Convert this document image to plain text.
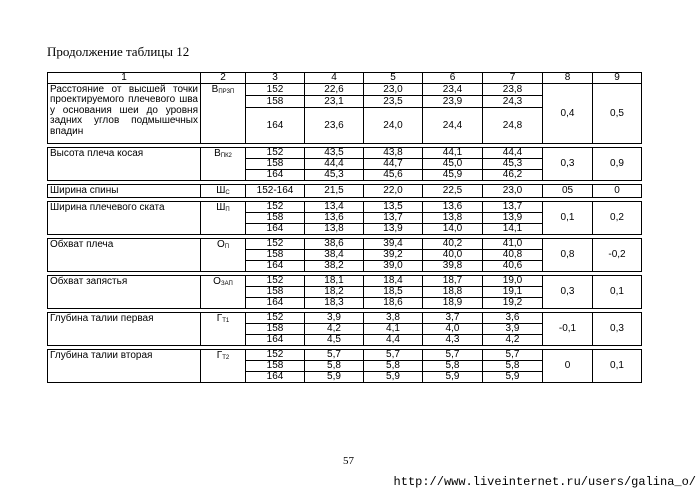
Продолжение таблицы 12
1	2	3	4	5	6	7	8	9
Расстояние от высшей точки проектируемого плечевого шва у основания шеи до уровня задних углов подмышечных впадин	$В_{ПР3П}$	152	22,6	23,0	23,4	23,8	0,4	0,5
		158	23,1	23,5	23,9	24,3		
		164	23,6	24,0	24,4	24,8		

Высота плеча косая	$В_{ПК2}$	152	43,5	43,8	44,1	44,4	0,3	0,9
		158	44,4	44,7	45,0	45,3		
		164	45,3	45,6	45,9	46,2		

Ширина спины	$Ш_С$	152-164	21,5	22,0	22,5	23,0	05	0

Ширина плечевого ската	$Ш_П$	152	13,4	13,5	13,6	13,7	0,1	0,2
		158	13,6	13,7	13,8	13,9		
		164	13,8	13,9	14,0	14,1		

Обхват плеча	$О_П$	152	38,6	39,4	40,2	41,0	0,8	-0,2
		158	38,4	39,2	40,0	40,8		
		164	38,2	39,0	39,8	40,6		

Обхват запястья	$О_{ЗАП}$	152	18,1	18,4	18,7	19,0	0,3	0,1
		158	18,2	18,5	18,8	19,1		
		164	18,3	18,6	18,9	19,2		

Глубина талии первая	$Г_{Т1}$	152	3,9	3,8	3,7	3,6	-0,1	0,3
		158	4,2	4,1	4,0	3,9		
		164	4,5	4,4	4,3	4,2		

Глубина талии вторая	$Г_{Т2}$	152	5,7	5,7	5,7	5,7	0	0,1
		158	5,8	5,8	5,8	5,8		
		164	5,9	5,9	5,9	5,9		
57
http://www.liveinternet.ru/users/galina_o/
